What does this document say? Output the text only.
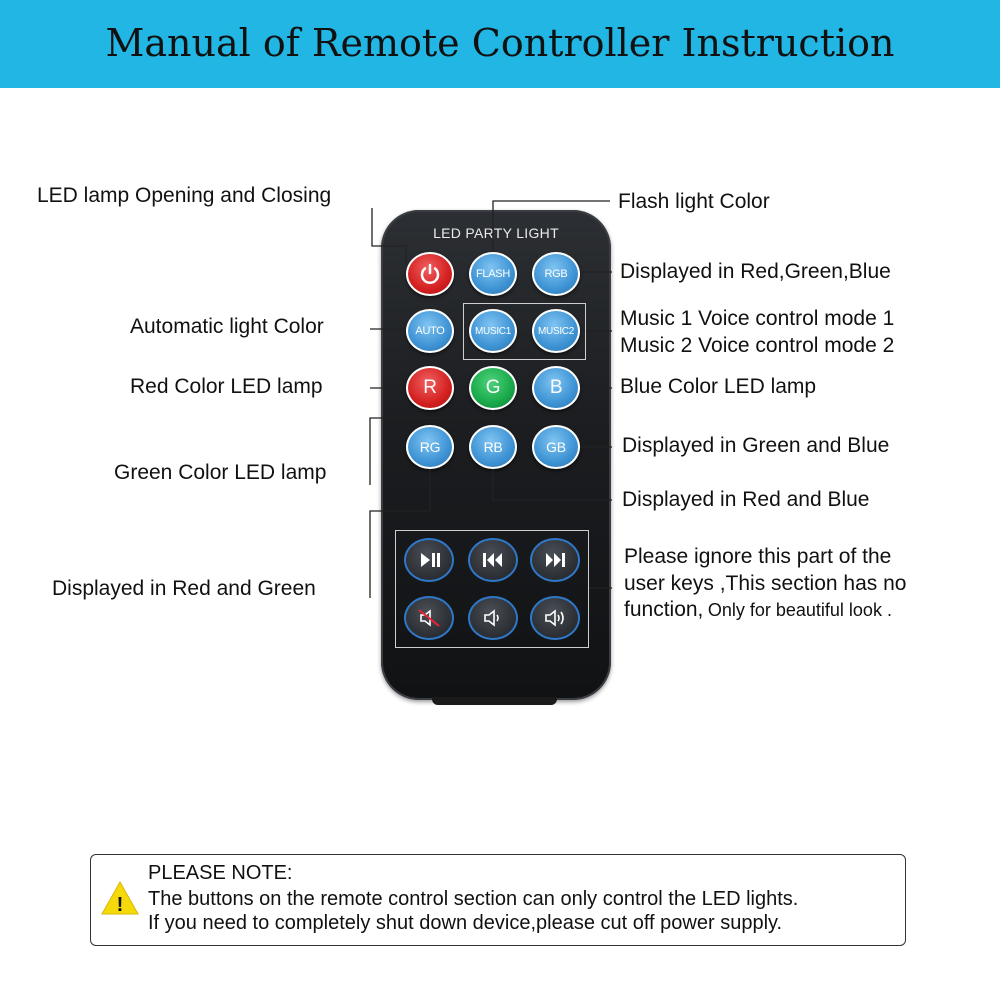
Manual of Remote Controller Instruction
LED PARTY LIGHT
FLASH	RGB
AUTO	MUSIC1	MUSIC2
R	G	B
RG	RB	GB
LED lamp Opening and Closing	Flash light Color
Displayed in Red,Green,Blue
Automatic light Color	Music 1 Voice control mode 1
Music 2 Voice control mode 2
Red Color LED lamp	Blue Color LED lamp
Green Color LED lamp
Displayed in Green and Blue
Displayed in Red and Blue
Displayed in Red and Green
Please ignore this part of the
user keys ,This section has no
function, Only for beautiful look .
!
PLEASE NOTE:
The buttons on the remote control section can only control the LED lights.
If you need to completely shut down device,please cut off power supply.
